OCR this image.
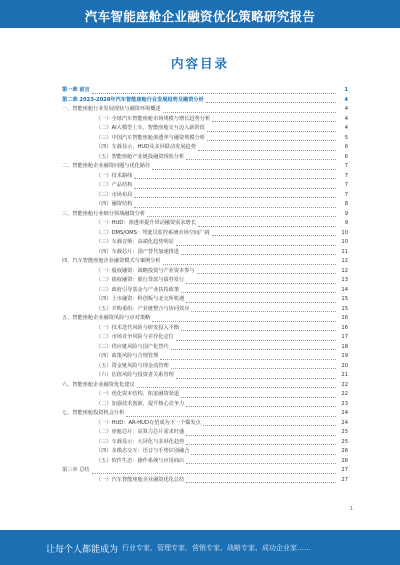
汽车智能座舱企业融资优化策略研究报告
内容目录
第一章 前言	1
第二章 2023-2028年汽车智能座舱行业发展趋势及融资分析	4
一、智能座舱行业发展现状与融资环境概述	4
（一）全球汽车智能座舱市场规模与增长趋势分析	4
（二）AI大模型上车，智能座舱交互迈入新阶段	4
（三）中国汽车智能座舱渗透率与融资规模分析	5
（四）车载显示、HUD及多屏联动发展趋势	6
（五）智能座舱产业链投融资现状分析	6
二、智能座舱企业融资问题与优化路径	7
（一）技术路线	7
（二）产品结构	7
（三）市场布局	7
（四）融资结构	8
三、智能座舱行业细分领域融资分析	9
（一）HUD：渗透率提升带动融资需求增长	9
（二）DMS/OMS：驾驶员监控系统市场空间广阔	10
（三）车载音频：高端化趋势明显	10
（四）车载芯片：国产替代加速推进	11
四、汽车智能座舱企业融资模式与案例分析	12
（一）股权融资：战略投资与产业资本参与	12
（二）债权融资：银行贷款与债券发行	13
（三）政府引导基金与产业扶持政策	14
（四）上市融资：科创板与北交所机遇	15
（五）并购重组：产业链整合与协同效应	15
五、智能座舱企业融资风险与应对策略	16
（一）技术迭代风险与研发投入平衡	16
（二）市场竞争风险与差异化定位	17
（三）供应链风险与国产化替代	18
（四）政策风险与合规管理	19
（五）资金链风险与现金流管理	20
（六）估值风险与投资者关系管理	21
六、智能座舱企业融资优化建议	22
（一）优化资本结构，拓宽融资渠道	22
（二）加强技术创新，提升核心竞争力	23
七、智能座舱投资机会分析	24
（一）HUD：AR-HUD有望成为下一个爆发点	24
（二）座舱芯片：高算力芯片需求旺盛	25
（三）车载显示：大屏化与多屏化趋势	25
（四）多模态交互：语音与手势识别融合	26
（五）软件生态：操作系统与应用商店	26
第三章 总结	27
（一）汽车智能座舱企业融资优化总结	27
1
让每个人都能成为 行业专家、管理专家、营销专家、战略专家、成功企业家……
